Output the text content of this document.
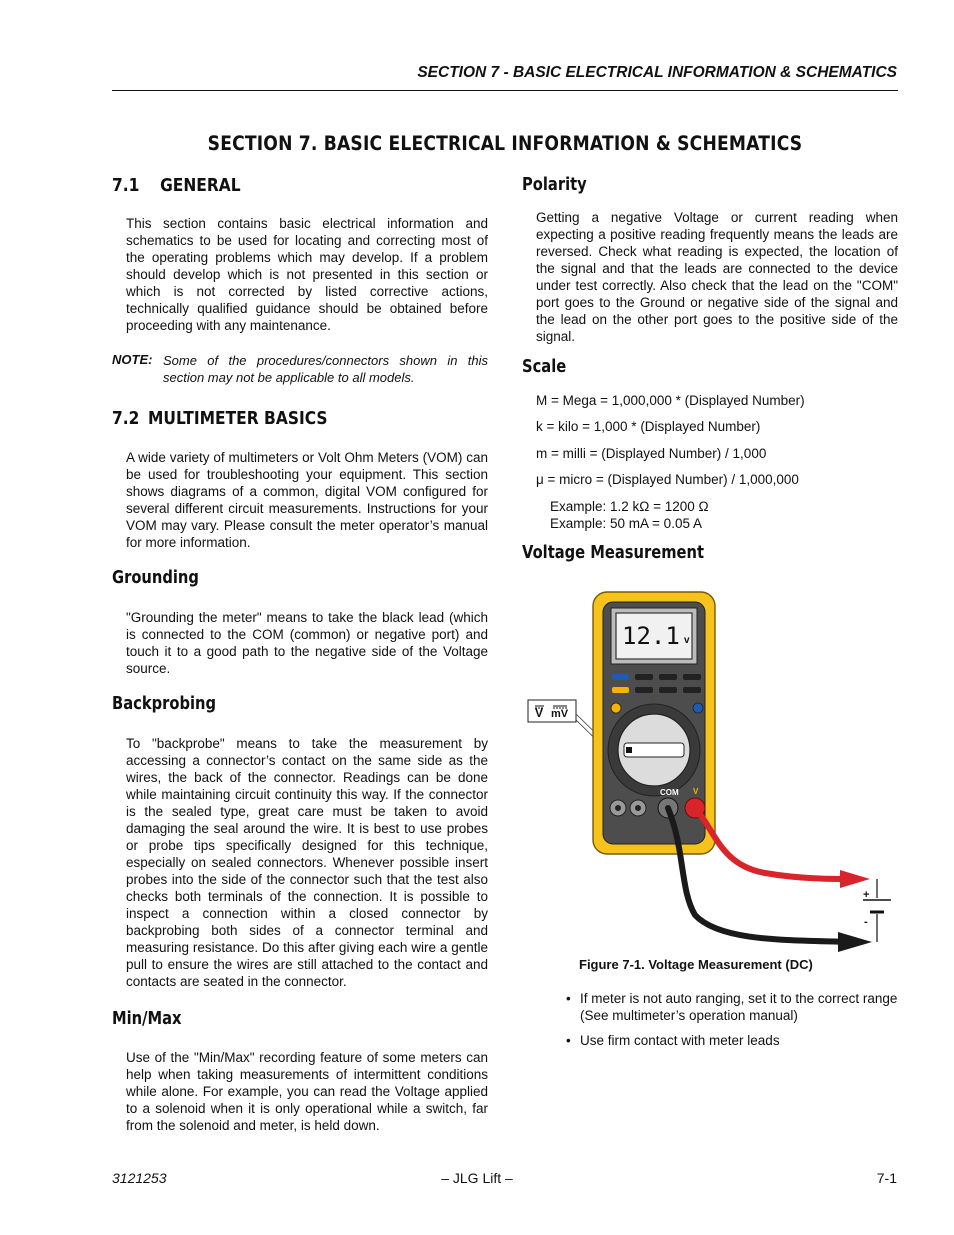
SECTION 7 - BASIC ELECTRICAL INFORMATION & SCHEMATICS
SECTION 7. BASIC ELECTRICAL INFORMATION & SCHEMATICS
7.1 GENERAL
This section contains basic electrical information and schematics to be used for locating and correcting most of the operating problems which may develop. If a problem should develop which is not presented in this section or which is not corrected by listed corrective actions, technically qualified guidance should be obtained before proceeding with any maintenance.
NOTE: Some of the procedures/connectors shown in this section may not be applicable to all models.
7.2 MULTIMETER BASICS
A wide variety of multimeters or Volt Ohm Meters (VOM) can be used for troubleshooting your equipment. This section shows diagrams of a common, digital VOM configured for several different circuit measurements. Instructions for your VOM may vary. Please consult the meter operator’s manual for more information.
Grounding
"Grounding the meter" means to take the black lead (which is connected to the COM (common) or negative port) and touch it to a good path to the negative side of the Voltage source.
Backprobing
To "backprobe" means to take the measurement by accessing a connector’s contact on the same side as the wires, the back of the connector. Readings can be done while maintaining circuit continuity this way. If the connector is the sealed type, great care must be taken to avoid damaging the seal around the wire. It is best to use probes or probe tips specifically designed for this technique, especially on sealed connectors. Whenever possible insert probes into the side of the connector such that the test also checks both terminals of the connection. It is possible to inspect a connection within a closed connector by backprobing both sides of a connector terminal and measuring resistance. Do this after giving each wire a gentle pull to ensure the wires are still attached to the contact and contacts are seated in the connector.
Min/Max
Use of the "Min/Max" recording feature of some meters can help when taking measurements of intermittent conditions while alone. For example, you can read the Voltage applied to a solenoid when it is only operational while a switch, far from the solenoid and meter, is held down.
Polarity
Getting a negative Voltage or current reading when expecting a positive reading frequently means the leads are reversed. Check what reading is expected, the location of the signal and that the leads are connected to the device under test correctly. Also check that the lead on the "COM" port goes to the Ground or negative side of the signal and the lead on the other port goes to the positive side of the signal.
Scale
M = Mega = 1,000,000 * (Displayed Number)
k = kilo = 1,000 * (Displayed Number)
m = milli = (Displayed Number) / 1,000
μ = micro = (Displayed Number) / 1,000,000
Example: 1.2 kΩ = 1200 Ω
Example: 50 mA = 0.05 A
Voltage Measurement
V mV
12.1 v
COM V
+
-
Figure 7-1. Voltage Measurement (DC)
• If meter is not auto ranging, set it to the correct range (See multimeter’s operation manual)
• Use firm contact with meter leads
3121253	– JLG Lift –	7-1
